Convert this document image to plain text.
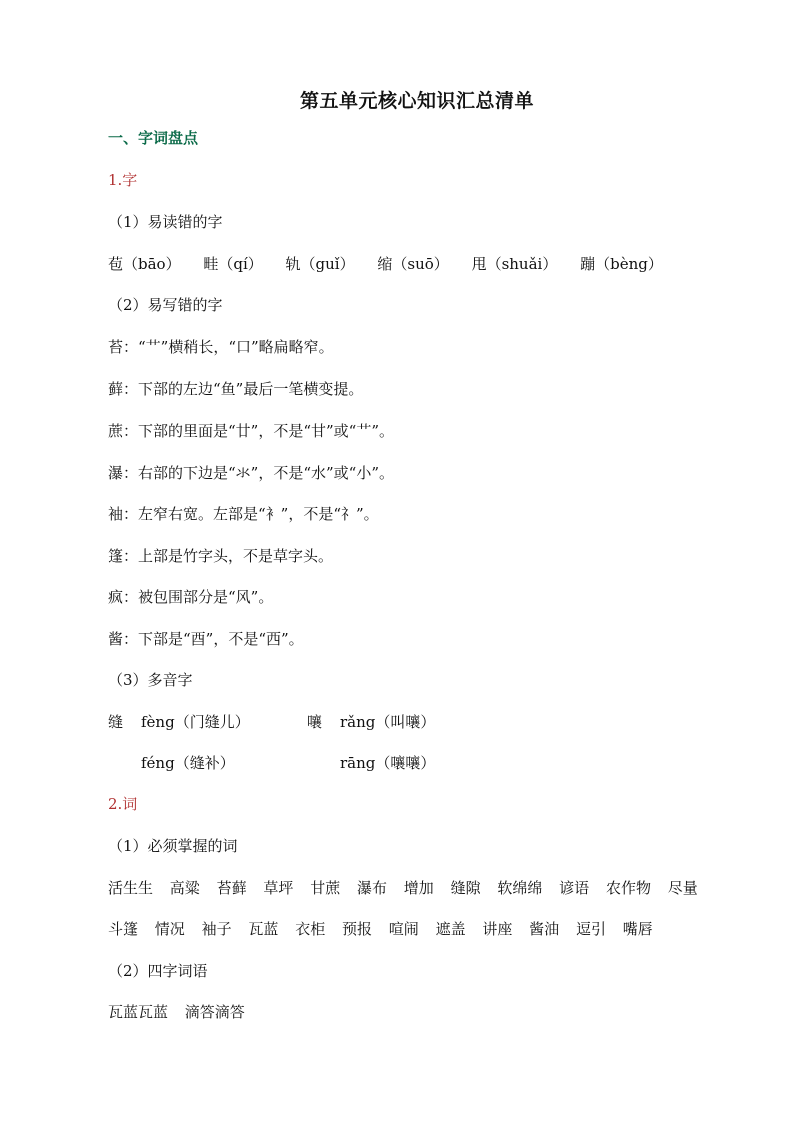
第五单元核心知识汇总清单
一、字词盘点
1.字
（1）易读错的字
苞（bāo） 畦（qí） 轨（guǐ） 缩（suō） 甩（shuǎi） 蹦（bèng）
（2）易写错的字
苔：“艹”横稍长，“口”略扁略窄。
藓：下部的左边“鱼”最后一笔横变提。
蔗：下部的里面是“廿”，不是“甘”或“艹”。
瀑：右部的下边是“氺”，不是“水”或“小”。
袖：左窄右宽。左部是“衤”，不是“礻”。
篷：上部是竹字头，不是草字头。
疯：被包围部分是“风”。
酱：下部是“酉”，不是“西”。
（3）多音字
缝 fèng（门缝儿）	嚷 rǎng（叫嚷）
féng（缝补）	rāng（嚷嚷）
2.词
（1）必须掌握的词
活生生 高粱 苔藓 草坪 甘蔗 瀑布 增加 缝隙 软绵绵 谚语 农作物 尽量
斗篷 情况 袖子 瓦蓝 衣柜 预报 喧闹 遮盖 讲座 酱油 逗引 嘴唇
（2）四字词语
瓦蓝瓦蓝 滴答滴答
